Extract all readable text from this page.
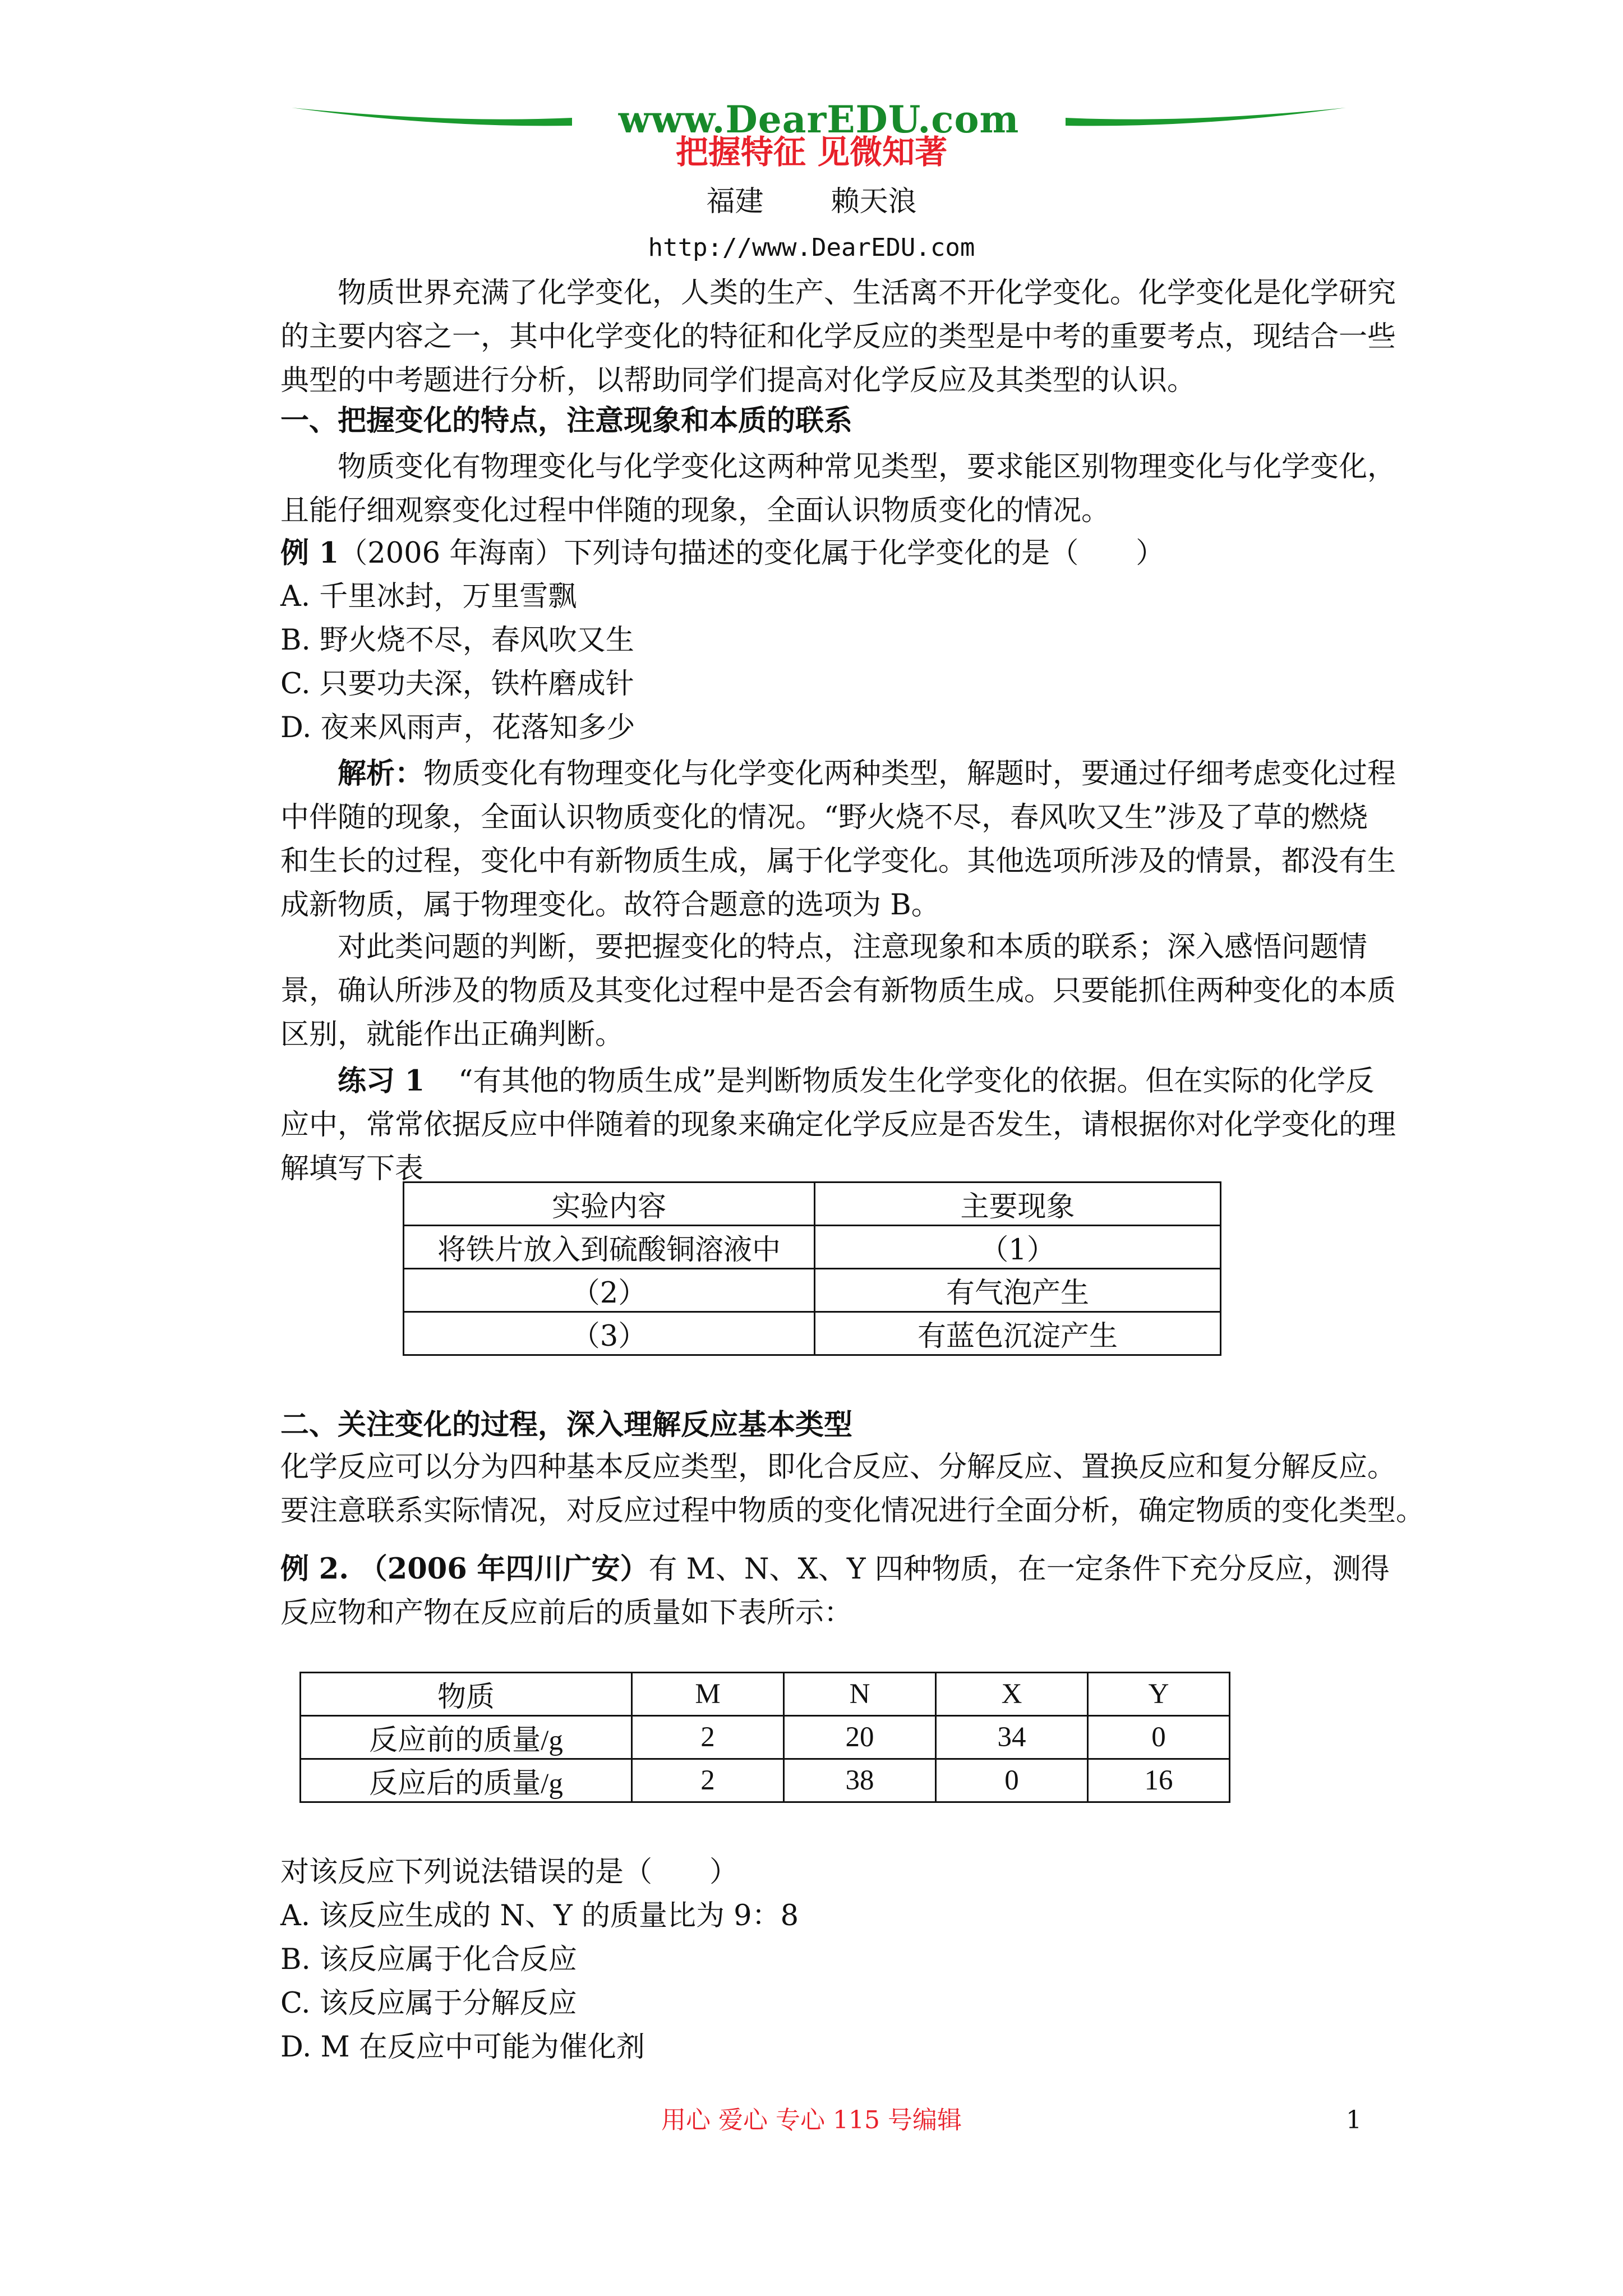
www.DearEDU.com
把握特征 见微知著
福建 赖天浪
http://www.DearEDU.com
物质世界充满了化学变化，人类的生产、生活离不开化学变化。化学变化是化学研究的主要内容之一，其中化学变化的特征和化学反应的类型是中考的重要考点，现结合一些典型的中考题进行分析，以帮助同学们提高对化学反应及其类型的认识。
一、把握变化的特点，注意现象和本质的联系
物质变化有物理变化与化学变化这两种常见类型，要求能区别物理变化与化学变化，且能仔细观察变化过程中伴随的现象，全面认识物质变化的情况。
例 1（2006 年海南）下列诗句描述的变化属于化学变化的是（　　）
A. 千里冰封，万里雪飘
B. 野火烧不尽，春风吹又生
C. 只要功夫深，铁杵磨成针
D. 夜来风雨声，花落知多少
解析：物质变化有物理变化与化学变化两种类型，解题时，要通过仔细考虑变化过程中伴随的现象，全面认识物质变化的情况。“野火烧不尽，春风吹又生”涉及了草的燃烧和生长的过程，变化中有新物质生成，属于化学变化。其他选项所涉及的情景，都没有生成新物质，属于物理变化。故符合题意的选项为 B。
对此类问题的判断，要把握变化的特点，注意现象和本质的联系；深入感悟问题情景，确认所涉及的物质及其变化过程中是否会有新物质生成。只要能抓住两种变化的本质区别，就能作出正确判断。
练习 1 “有其他的物质生成”是判断物质发生化学变化的依据。但在实际的化学反应中，常常依据反应中伴随着的现象来确定化学反应是否发生，请根据你对化学变化的理解填写下表
实验内容	主要现象
将铁片放入到硫酸铜溶液中	（1）
（2）	有气泡产生
（3）	有蓝色沉淀产生
二、关注变化的过程，深入理解反应基本类型
化学反应可以分为四种基本反应类型，即化合反应、分解反应、置换反应和复分解反应。
要注意联系实际情况，对反应过程中物质的变化情况进行全面分析，确定物质的变化类型。
例 2. （2006 年四川广安）有 M、N、X、Y 四种物质，在一定条件下充分反应，测得反应物和产物在反应前后的质量如下表所示：
物质	M	N	X	Y
反应前的质量/g	2	20	34	0
反应后的质量/g	2	38	0	16
对该反应下列说法错误的是（　　）
A. 该反应生成的 N、Y 的质量比为 9：8
B. 该反应属于化合反应
C. 该反应属于分解反应
D. M 在反应中可能为催化剂
用心 爱心 专心 115 号编辑	1
